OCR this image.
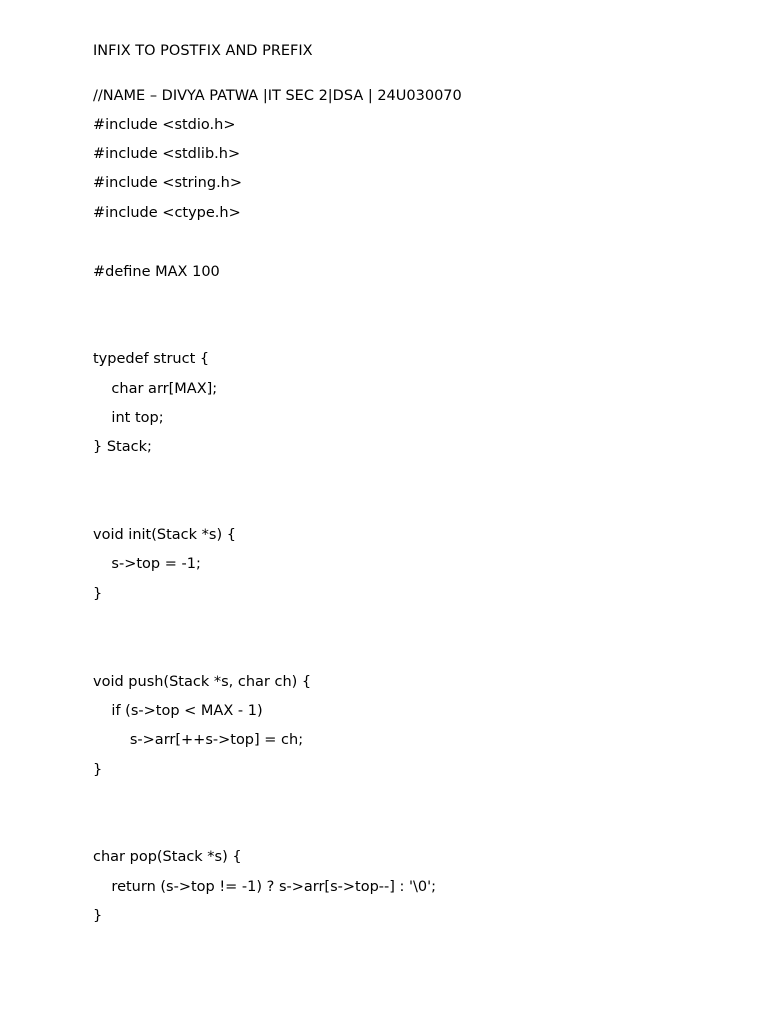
INFIX TO POSTFIX AND PREFIX
//NAME – DIVYA PATWA |IT SEC 2|DSA | 24U030070
#include <stdio.h>
#include <stdlib.h>
#include <string.h>
#include <ctype.h>
#define MAX 100
typedef struct {
char arr[MAX];
int top;
} Stack;
void init(Stack *s) {
s->top = -1;
}
void push(Stack *s, char ch) {
if (s->top < MAX - 1)
s->arr[++s->top] = ch;
}
char pop(Stack *s) {
return (s->top != -1) ? s->arr[s->top--] : '\0';
}
